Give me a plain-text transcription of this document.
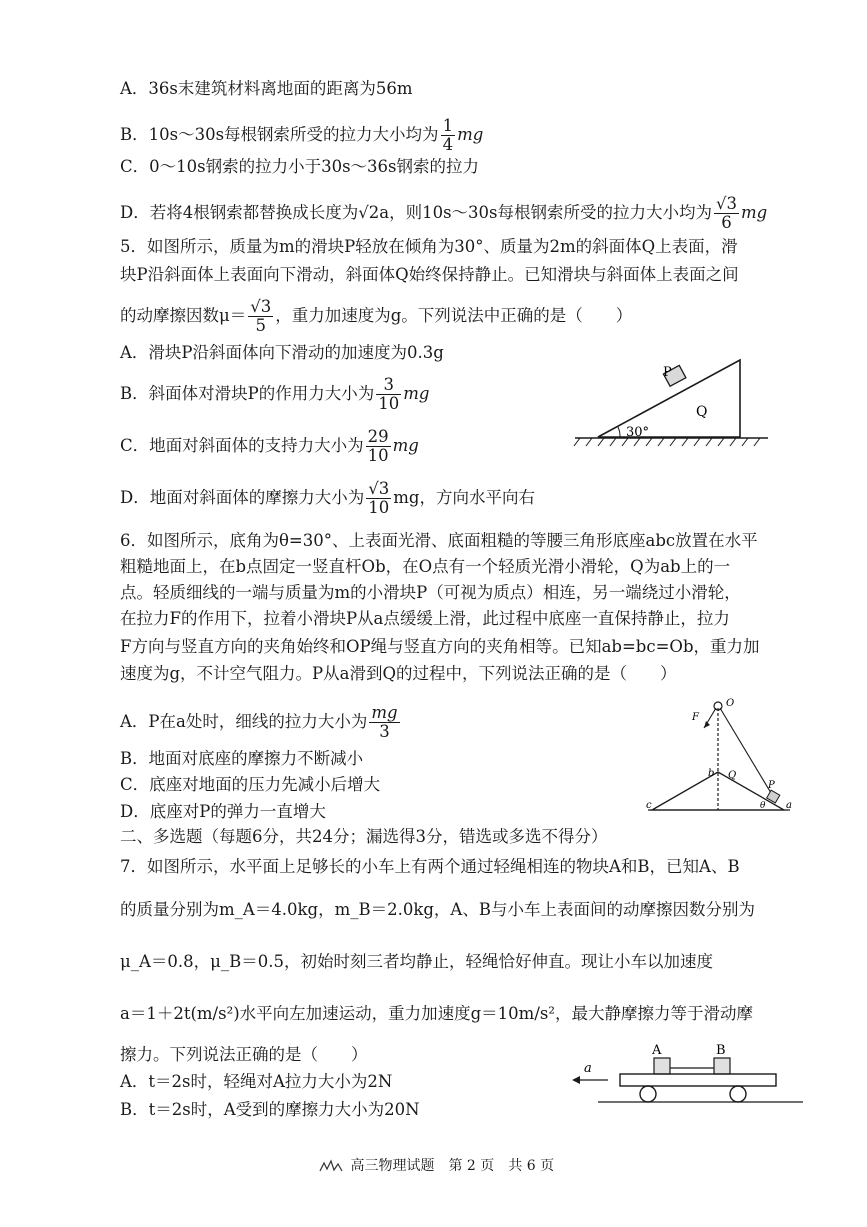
A．36s末建筑材料离地面的距离为56m
B．10s～30s每根钢索所受的拉力大小均为 $\frac{1}{4}$ mg
C．0～10s钢索的拉力小于30s～36s钢索的拉力
D．若将4根钢索都替换成长度为√2a，则10s～30s每根钢索所受的拉力大小均为 $\frac{√3}{6}$ mg
5．如图所示，质量为m的滑块P轻放在倾角为30°、质量为2m的斜面体Q上表面，滑
块P沿斜面体上表面向下滑动，斜面体Q始终保持静止。已知滑块与斜面体上表面之间
的动摩擦因数$\mu= \frac{√3}{5}$ ，重力加速度为g。下列说法中正确的是（　　）
A．滑块P沿斜面体向下滑动的加速度为0.3g
B．斜面体对滑块P的作用力大小为 $\frac{3}{10}$ mg
C．地面对斜面体的支持力大小为 $\frac{29}{10}$ mg
D．地面对斜面体的摩擦力大小为 $\frac{√3}{10}$ mg，方向水平向右
P
Q
30°
6．如图所示，底角为θ=30°、上表面光滑、底面粗糙的等腰三角形底座abc放置在水平
粗糙地面上，在b点固定一竖直杆Ob，在O点有一个轻质光滑小滑轮，Q为ab上的一
点。轻质细线的一端与质量为m的小滑块P（可视为质点）相连，另一端绕过小滑轮，
在拉力F的作用下，拉着小滑块P从a点缓缓上滑，此过程中底座一直保持静止，拉力
F方向与竖直方向的夹角始终和OP绳与竖直方向的夹角相等。已知ab=bc=Ob，重力加
速度为g，不计空气阻力。P从a滑到Q的过程中，下列说法正确的是（　　）
A．P在a处时，细线的拉力大小为 $\frac{mg}{3}$
B．地面对底座的摩擦力不断减小
C．底座对地面的压力先减小后增大
D．底座对P的弹力一直增大
F
O
b Q
P
c	a
θ
二、多选题（每题6分，共24分；漏选得3分，错选或多选不得分）
7．如图所示，水平面上足够长的小车上有两个通过轻绳相连的物块A和B，已知A、B
的质量分别为m_A＝4.0kg，m_B＝2.0kg，A、B与小车上表面间的动摩擦因数分别为
μ_A＝0.8，μ_B＝0.5，初始时刻三者均静止，轻绳恰好伸直。现让小车以加速度
a＝1＋2t(m/s²)水平向左加速运动，重力加速度g＝10m/s²，最大静摩擦力等于滑动摩
擦力。下列说法正确的是（　　）
A．t＝2s时，轻绳对A拉力大小为2N
B．t＝2s时，A受到的摩擦力大小为20N
A	B
a
高三物理试题　第 2 页　共 6 页
